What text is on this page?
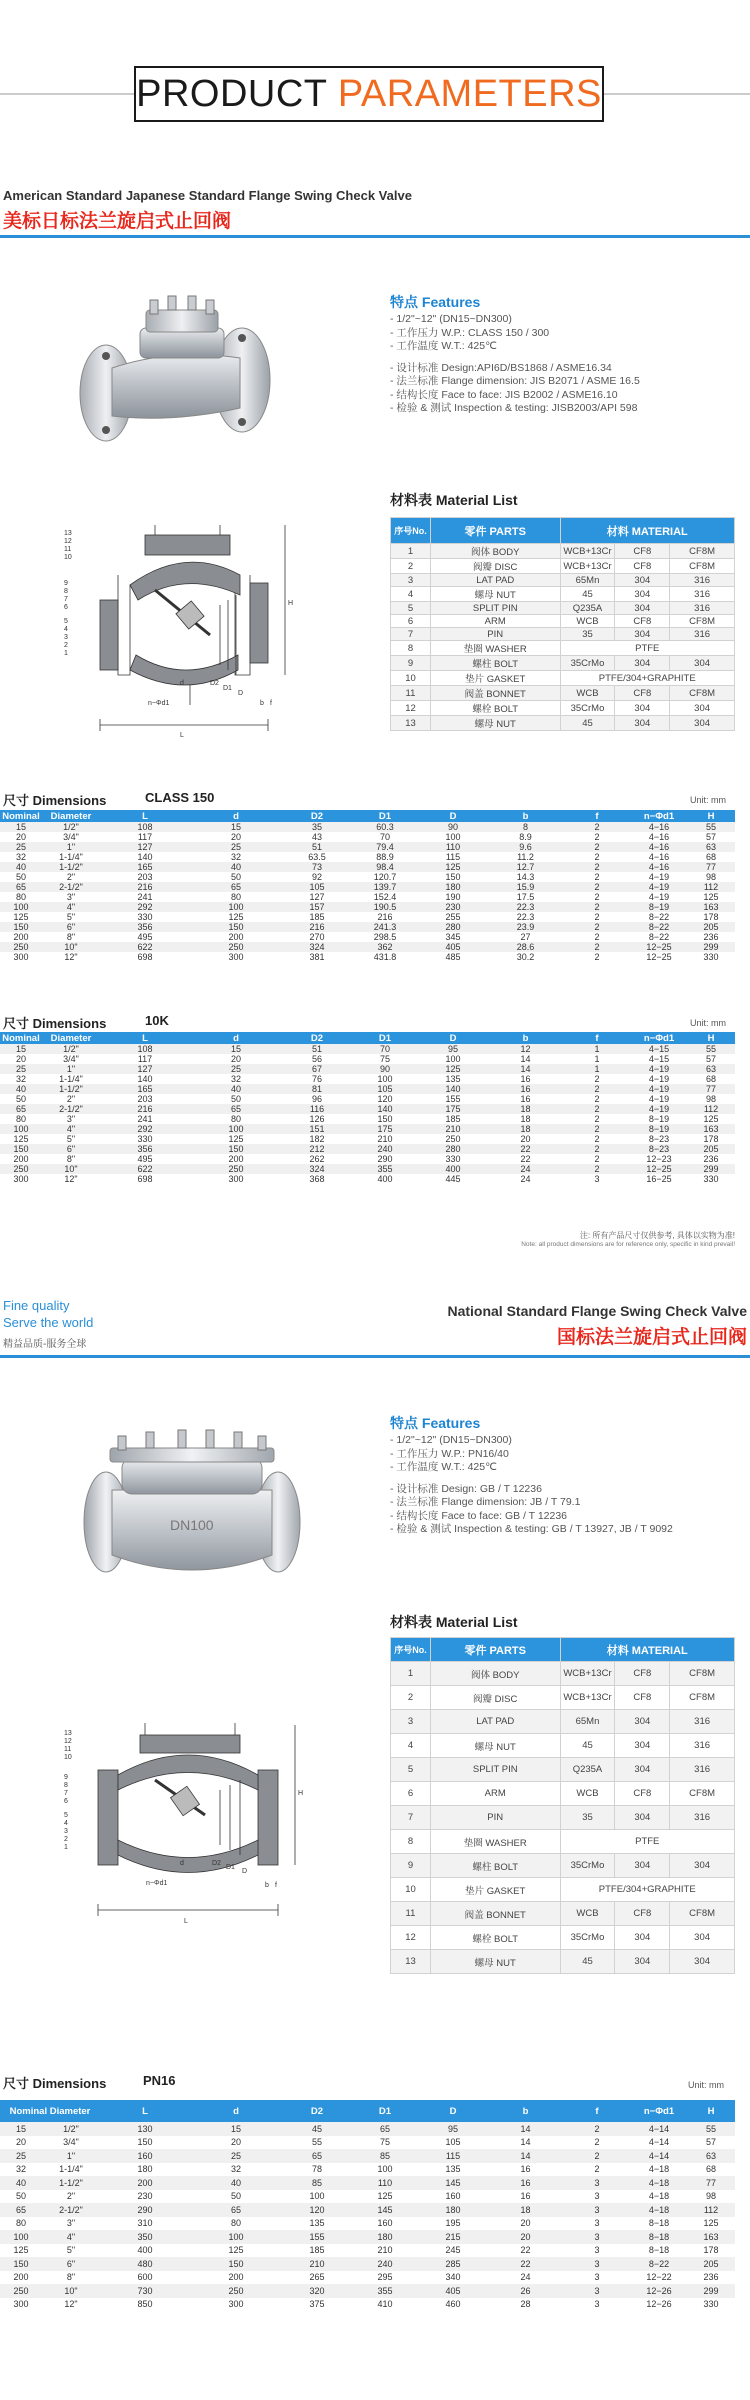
PRODUCT PARAMETERS
American Standard Japanese Standard Flange Swing Check Valve
美标日标法兰旋启式止回阀
特点 Features
- 1/2"~12" (DN15~DN300)
- 工作压力 W.P.: CLASS 150 / 300
- 工作温度 W.T.: 425℃
- 设计标准 Design:API6D/BS1868 / ASME16.34
- 法兰标准 Flange dimension: JIS B2071 / ASME 16.5
- 结构长度 Face to face: JIS B2002 / ASME16.10
- 检验 & 测试 Inspection & testing: JISB2003/API 598
13
12
11
10
9
8
7
6
5
4
3
2
1
L
H
D
D1
D2
d
b f
n−Φd1
材料表 Material List
序号No.	零件 PARTS	材料 MATERIAL		
1	阀体 BODY	WCB+13Cr	CF8	CF8M
2	阀瓣 DISC	WCB+13Cr	CF8	CF8M
3	LAT PAD	65Mn	304	316
4	螺母 NUT	45	304	316
5	SPLIT PIN	Q235A	304	316
6	ARM	WCB	CF8	CF8M
7	PIN	35	304	316
8	垫圈 WASHER	PTFE		
9	螺柱 BOLT	35CrMo	304	304
10	垫片 GASKET	PTFE/304+GRAPHITE		
11	阀盖 BONNET	WCB	CF8	CF8M
12	螺栓 BOLT	35CrMo	304	304
13	螺母 NUT	45	304	304
尺寸 Dimensions	CLASS 150	Unit: mm
Nominal	Diameter	L	d	D2	D1	D	b	f	n−Φd1	H
15	1/2"	108	15	35	60.3	90	8	2	4−16	55
20	3/4"	117	20	43	70	100	8.9	2	4−16	57
25	1"	127	25	51	79.4	110	9.6	2	4−16	63
32	1-1/4"	140	32	63.5	88.9	115	11.2	2	4−16	68
40	1-1/2"	165	40	73	98.4	125	12.7	2	4−16	77
50	2"	203	50	92	120.7	150	14.3	2	4−19	98
65	2-1/2"	216	65	105	139.7	180	15.9	2	4−19	112
80	3"	241	80	127	152.4	190	17.5	2	4−19	125
100	4"	292	100	157	190.5	230	22.3	2	8−19	163
125	5"	330	125	185	216	255	22.3	2	8−22	178
150	6"	356	150	216	241.3	280	23.9	2	8−22	205
200	8"	495	200	270	298.5	345	27	2	8−22	236
250	10"	622	250	324	362	405	28.6	2	12−25	299
300	12"	698	300	381	431.8	485	30.2	2	12−25	330
尺寸 Dimensions	10K	Unit: mm
Nominal	Diameter	L	d	D2	D1	D	b	f	n−Φd1	H
15	1/2"	108	15	51	70	95	12	1	4−15	55
20	3/4"	117	20	56	75	100	14	1	4−15	57
25	1"	127	25	67	90	125	14	1	4−19	63
32	1-1/4"	140	32	76	100	135	16	2	4−19	68
40	1-1/2"	165	40	81	105	140	16	2	4−19	77
50	2"	203	50	96	120	155	16	2	4−19	98
65	2-1/2"	216	65	116	140	175	18	2	4−19	112
80	3"	241	80	126	150	185	18	2	8−19	125
100	4"	292	100	151	175	210	18	2	8−19	163
125	5"	330	125	182	210	250	20	2	8−23	178
150	6"	356	150	212	240	280	22	2	8−23	205
200	8"	495	200	262	290	330	22	2	12−23	236
250	10"	622	250	324	355	400	24	2	12−25	299
300	12"	698	300	368	400	445	24	3	16−25	330
注: 所有产品尺寸仅供参考, 具体以实物为准!
Note: all product dimensions are for reference only, specific in kind prevail!
Fine quality
Serve the world
精益品质-服务全球
National Standard Flange Swing Check Valve
国标法兰旋启式止回阀
DN100
特点 Features
- 1/2"~12" (DN15~DN300)
- 工作压力 W.P.: PN16/40
- 工作温度 W.T.: 425℃
- 设计标准 Design: GB / T 12236
- 法兰标准 Flange dimension: JB / T 79.1
- 结构长度 Face to face: GB / T 12236
- 检验 & 测试 Inspection & testing: GB / T 13927, JB / T 9092
13
12
11
10
9
8
7
6
5
4
3
2
1
L
H
D
D1
D2
d
b f
n−Φd1
材料表 Material List
序号No.	零件 PARTS	材料 MATERIAL		
1	阀体 BODY	WCB+13Cr	CF8	CF8M
2	阀瓣 DISC	WCB+13Cr	CF8	CF8M
3	LAT PAD	65Mn	304	316
4	螺母 NUT	45	304	316
5	SPLIT PIN	Q235A	304	316
6	ARM	WCB	CF8	CF8M
7	PIN	35	304	316
8	垫圈 WASHER	PTFE		
9	螺柱 BOLT	35CrMo	304	304
10	垫片 GASKET	PTFE/304+GRAPHITE		
11	阀盖 BONNET	WCB	CF8	CF8M
12	螺栓 BOLT	35CrMo	304	304
13	螺母 NUT	45	304	304
尺寸 Dimensions	PN16	Unit: mm
Nominal Diameter		L	d	D2	D1	D	b	f	n−Φd1	H
15	1/2"	130	15	45	65	95	14	2	4−14	55
20	3/4"	150	20	55	75	105	14	2	4−14	57
25	1"	160	25	65	85	115	14	2	4−14	63
32	1-1/4"	180	32	78	100	135	16	2	4−18	68
40	1-1/2"	200	40	85	110	145	16	3	4−18	77
50	2"	230	50	100	125	160	16	3	4−18	98
65	2-1/2"	290	65	120	145	180	18	3	4−18	112
80	3"	310	80	135	160	195	20	3	8−18	125
100	4"	350	100	155	180	215	20	3	8−18	163
125	5"	400	125	185	210	245	22	3	8−18	178
150	6"	480	150	210	240	285	22	3	8−22	205
200	8"	600	200	265	295	340	24	3	12−22	236
250	10"	730	250	320	355	405	26	3	12−26	299
300	12"	850	300	375	410	460	28	3	12−26	330
